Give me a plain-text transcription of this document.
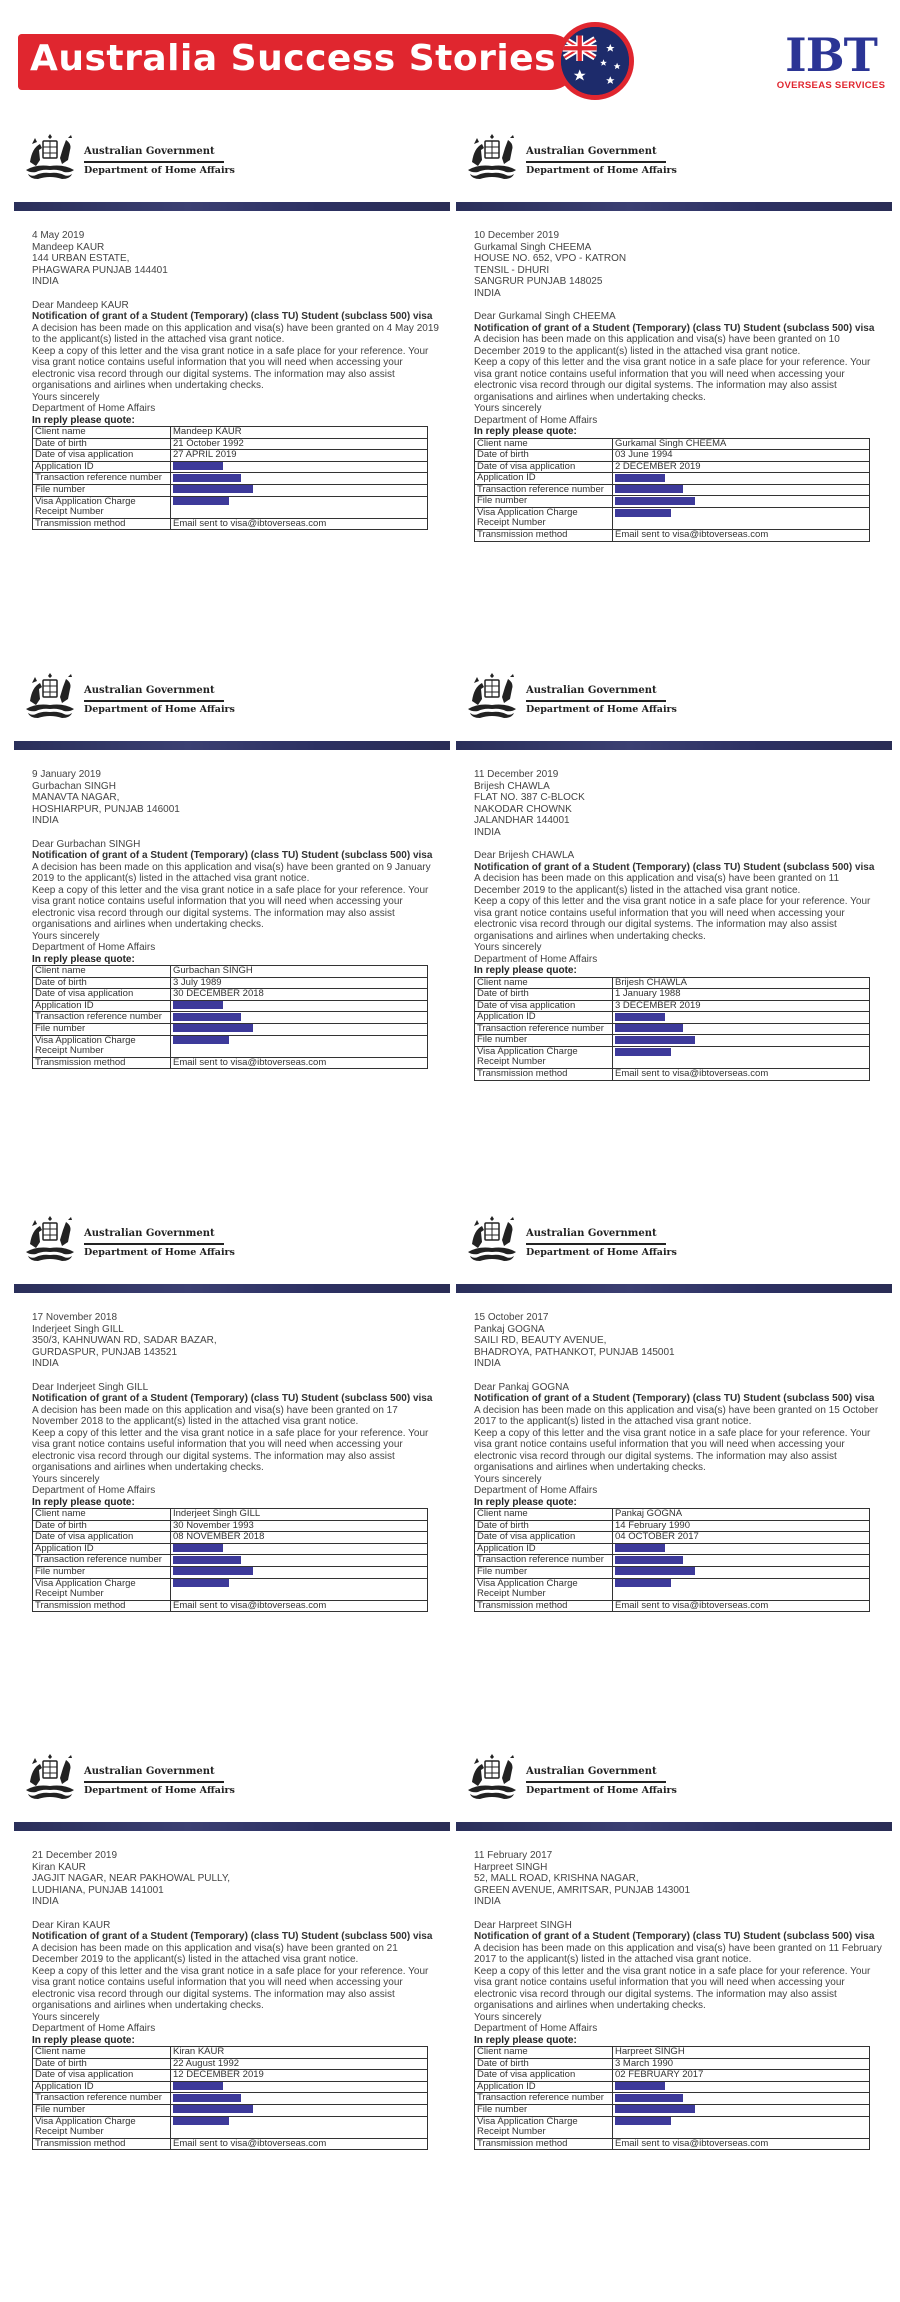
Australia Success Stories	IBT
OVERSEAS SERVICES
Australian Government
Department of Home Affairs

4 May 2019

Mandeep KAUR
144 URBAN ESTATE,
PHAGWARA PUNJAB 144401
INDIA

Dear Mandeep KAUR

Notification of grant of a Student (Temporary) (class TU) Student (subclass 500) visa

A decision has been made on this application and visa(s) have been granted on 4 May 2019 to the applicant(s) listed in the attached visa grant notice.

Keep a copy of this letter and the visa grant notice in a safe place for your reference. Your visa grant notice contains useful information that you will need when accessing your electronic visa record through our digital systems. The information may also assist organisations and airlines when undertaking checks.

Yours sincerely

Department of Home Affairs

In reply please quote:

Client name	Mandeep KAUR
Date of birth	21 October 1992
Date of visa application	27 APRIL 2019
Application ID	
Transaction reference number	
File number	
Visa Application Charge Receipt Number	
Transmission method	Email sent to visa@ibtoverseas.com
Australian Government
Department of Home Affairs

10 December 2019

Gurkamal Singh CHEEMA
HOUSE NO. 652, VPO - KATRON
TENSIL - DHURI
SANGRUR PUNJAB 148025
INDIA

Dear Gurkamal Singh CHEEMA

Notification of grant of a Student (Temporary) (class TU) Student (subclass 500) visa

A decision has been made on this application and visa(s) have been granted on 10 December 2019 to the applicant(s) listed in the attached visa grant notice.

Keep a copy of this letter and the visa grant notice in a safe place for your reference. Your visa grant notice contains useful information that you will need when accessing your electronic visa record through our digital systems. The information may also assist organisations and airlines when undertaking checks.

Yours sincerely

Department of Home Affairs

In reply please quote:

Client name	Gurkamal Singh CHEEMA
Date of birth	03 June 1994
Date of visa application	2 DECEMBER 2019
Application ID	
Transaction reference number	
File number	
Visa Application Charge Receipt Number	
Transmission method	Email sent to visa@ibtoverseas.com
Australian Government
Department of Home Affairs

9 January 2019

Gurbachan SINGH
MANAVTA NAGAR,
HOSHIARPUR, PUNJAB 146001
INDIA

Dear Gurbachan SINGH

Notification of grant of a Student (Temporary) (class TU) Student (subclass 500) visa

A decision has been made on this application and visa(s) have been granted on 9 January 2019 to the applicant(s) listed in the attached visa grant notice.

Keep a copy of this letter and the visa grant notice in a safe place for your reference. Your visa grant notice contains useful information that you will need when accessing your electronic visa record through our digital systems. The information may also assist organisations and airlines when undertaking checks.

Yours sincerely

Department of Home Affairs

In reply please quote:

Client name	Gurbachan SINGH
Date of birth	3 July 1989
Date of visa application	30 DECEMBER 2018
Application ID	
Transaction reference number	
File number	
Visa Application Charge Receipt Number	
Transmission method	Email sent to visa@ibtoverseas.com
Australian Government
Department of Home Affairs

11 December 2019

Brijesh CHAWLA
FLAT NO. 387 C-BLOCK
NAKODAR CHOWNK
JALANDHAR 144001
INDIA

Dear Brijesh CHAWLA

Notification of grant of a Student (Temporary) (class TU) Student (subclass 500) visa

A decision has been made on this application and visa(s) have been granted on 11 December 2019 to the applicant(s) listed in the attached visa grant notice.

Keep a copy of this letter and the visa grant notice in a safe place for your reference. Your visa grant notice contains useful information that you will need when accessing your electronic visa record through our digital systems. The information may also assist organisations and airlines when undertaking checks.

Yours sincerely

Department of Home Affairs

In reply please quote:

Client name	Brijesh CHAWLA
Date of birth	1 January 1988
Date of visa application	3 DECEMBER 2019
Application ID	
Transaction reference number	
File number	
Visa Application Charge Receipt Number	
Transmission method	Email sent to visa@ibtoverseas.com
Australian Government
Department of Home Affairs

17 November 2018

Inderjeet Singh GILL
350/3, KAHNUWAN RD, SADAR BAZAR,
GURDASPUR, PUNJAB 143521
INDIA

Dear Inderjeet Singh GILL

Notification of grant of a Student (Temporary) (class TU) Student (subclass 500) visa

A decision has been made on this application and visa(s) have been granted on 17 November 2018 to the applicant(s) listed in the attached visa grant notice.

Keep a copy of this letter and the visa grant notice in a safe place for your reference. Your visa grant notice contains useful information that you will need when accessing your electronic visa record through our digital systems. The information may also assist organisations and airlines when undertaking checks.

Yours sincerely

Department of Home Affairs

In reply please quote:

Client name	Inderjeet Singh GILL
Date of birth	30 November 1993
Date of visa application	08 NOVEMBER 2018
Application ID	
Transaction reference number	
File number	
Visa Application Charge Receipt Number	
Transmission method	Email sent to visa@ibtoverseas.com
Australian Government
Department of Home Affairs

15 October 2017

Pankaj GOGNA
SAILI RD, BEAUTY AVENUE,
BHADROYA, PATHANKOT, PUNJAB 145001
INDIA

Dear Pankaj GOGNA

Notification of grant of a Student (Temporary) (class TU) Student (subclass 500) visa

A decision has been made on this application and visa(s) have been granted on 15 October 2017 to the applicant(s) listed in the attached visa grant notice.

Keep a copy of this letter and the visa grant notice in a safe place for your reference. Your visa grant notice contains useful information that you will need when accessing your electronic visa record through our digital systems. The information may also assist organisations and airlines when undertaking checks.

Yours sincerely

Department of Home Affairs

In reply please quote:

Client name	Pankaj GOGNA
Date of birth	14 February 1990
Date of visa application	04 OCTOBER 2017
Application ID	
Transaction reference number	
File number	
Visa Application Charge Receipt Number	
Transmission method	Email sent to visa@ibtoverseas.com
Australian Government
Department of Home Affairs

21 December 2019

Kiran KAUR
JAGJIT NAGAR, NEAR PAKHOWAL PULLY,
LUDHIANA, PUNJAB 141001
INDIA

Dear Kiran KAUR

Notification of grant of a Student (Temporary) (class TU) Student (subclass 500) visa

A decision has been made on this application and visa(s) have been granted on 21 December 2019 to the applicant(s) listed in the attached visa grant notice.

Keep a copy of this letter and the visa grant notice in a safe place for your reference. Your visa grant notice contains useful information that you will need when accessing your electronic visa record through our digital systems. The information may also assist organisations and airlines when undertaking checks.

Yours sincerely

Department of Home Affairs

In reply please quote:

Client name	Kiran KAUR
Date of birth	22 August 1992
Date of visa application	12 DECEMBER 2019
Application ID	
Transaction reference number	
File number	
Visa Application Charge Receipt Number	
Transmission method	Email sent to visa@ibtoverseas.com
Australian Government
Department of Home Affairs

11 February 2017

Harpreet SINGH
52, MALL ROAD, KRISHNA NAGAR,
GREEN AVENUE, AMRITSAR, PUNJAB 143001
INDIA

Dear Harpreet SINGH

Notification of grant of a Student (Temporary) (class TU) Student (subclass 500) visa

A decision has been made on this application and visa(s) have been granted on 11 February 2017 to the applicant(s) listed in the attached visa grant notice.

Keep a copy of this letter and the visa grant notice in a safe place for your reference. Your visa grant notice contains useful information that you will need when accessing your electronic visa record through our digital systems. The information may also assist organisations and airlines when undertaking checks.

Yours sincerely

Department of Home Affairs

In reply please quote:

Client name	Harpreet SINGH
Date of birth	3 March 1990
Date of visa application	02 FEBRUARY 2017
Application ID	
Transaction reference number	
File number	
Visa Application Charge Receipt Number	
Transmission method	Email sent to visa@ibtoverseas.com
